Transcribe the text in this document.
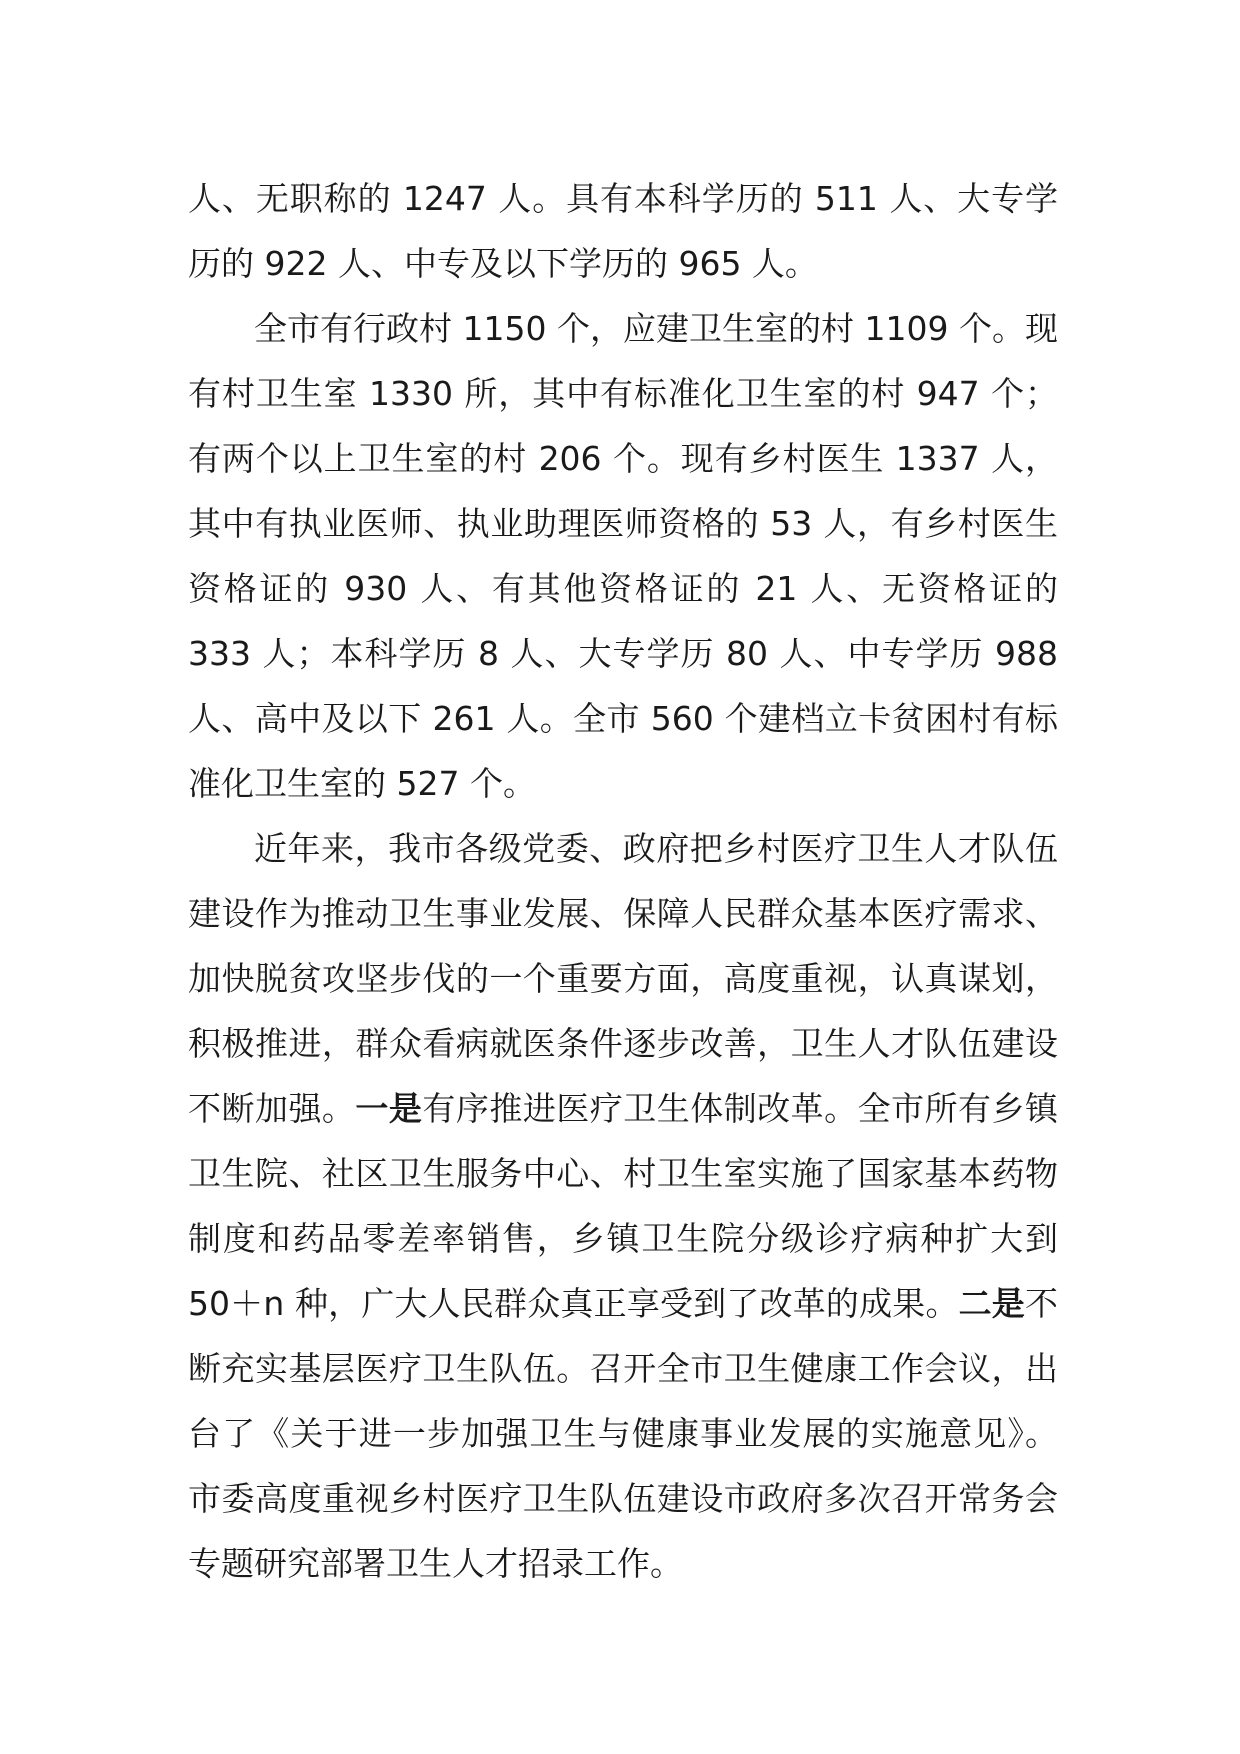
人、无职称的 1247 人。具有本科学历的 511 人、大专学历的 922 人、中专及以下学历的 965 人。

全市有行政村 1150 个，应建卫生室的村 1109 个。现有村卫生室 1330 所，其中有标准化卫生室的村 947 个；有两个以上卫生室的村 206 个。现有乡村医生 1337 人，其中有执业医师、执业助理医师资格的 53 人，有乡村医生资格证的 930 人、有其他资格证的 21 人、无资格证的 333 人；本科学历 8 人、大专学历 80 人、中专学历 988 人、高中及以下 261 人。全市 560 个建档立卡贫困村有标准化卫生室的 527 个。

近年来，我市各级党委、政府把乡村医疗卫生人才队伍建设作为推动卫生事业发展、保障人民群众基本医疗需求、加快脱贫攻坚步伐的一个重要方面，高度重视，认真谋划，积极推进，群众看病就医条件逐步改善，卫生人才队伍建设不断加强。一是有序推进医疗卫生体制改革。全市所有乡镇卫生院、社区卫生服务中心、村卫生室实施了国家基本药物制度和药品零差率销售，乡镇卫生院分级诊疗病种扩大到 50＋n 种，广大人民群众真正享受到了改革的成果。二是不断充实基层医疗卫生队伍。召开全市卫生健康工作会议，出台了《关于进一步加强卫生与健康事业发展的实施意见》。市委高度重视乡村医疗卫生队伍建设市政府多次召开常务会专题研究部署卫生人才招录工作。
